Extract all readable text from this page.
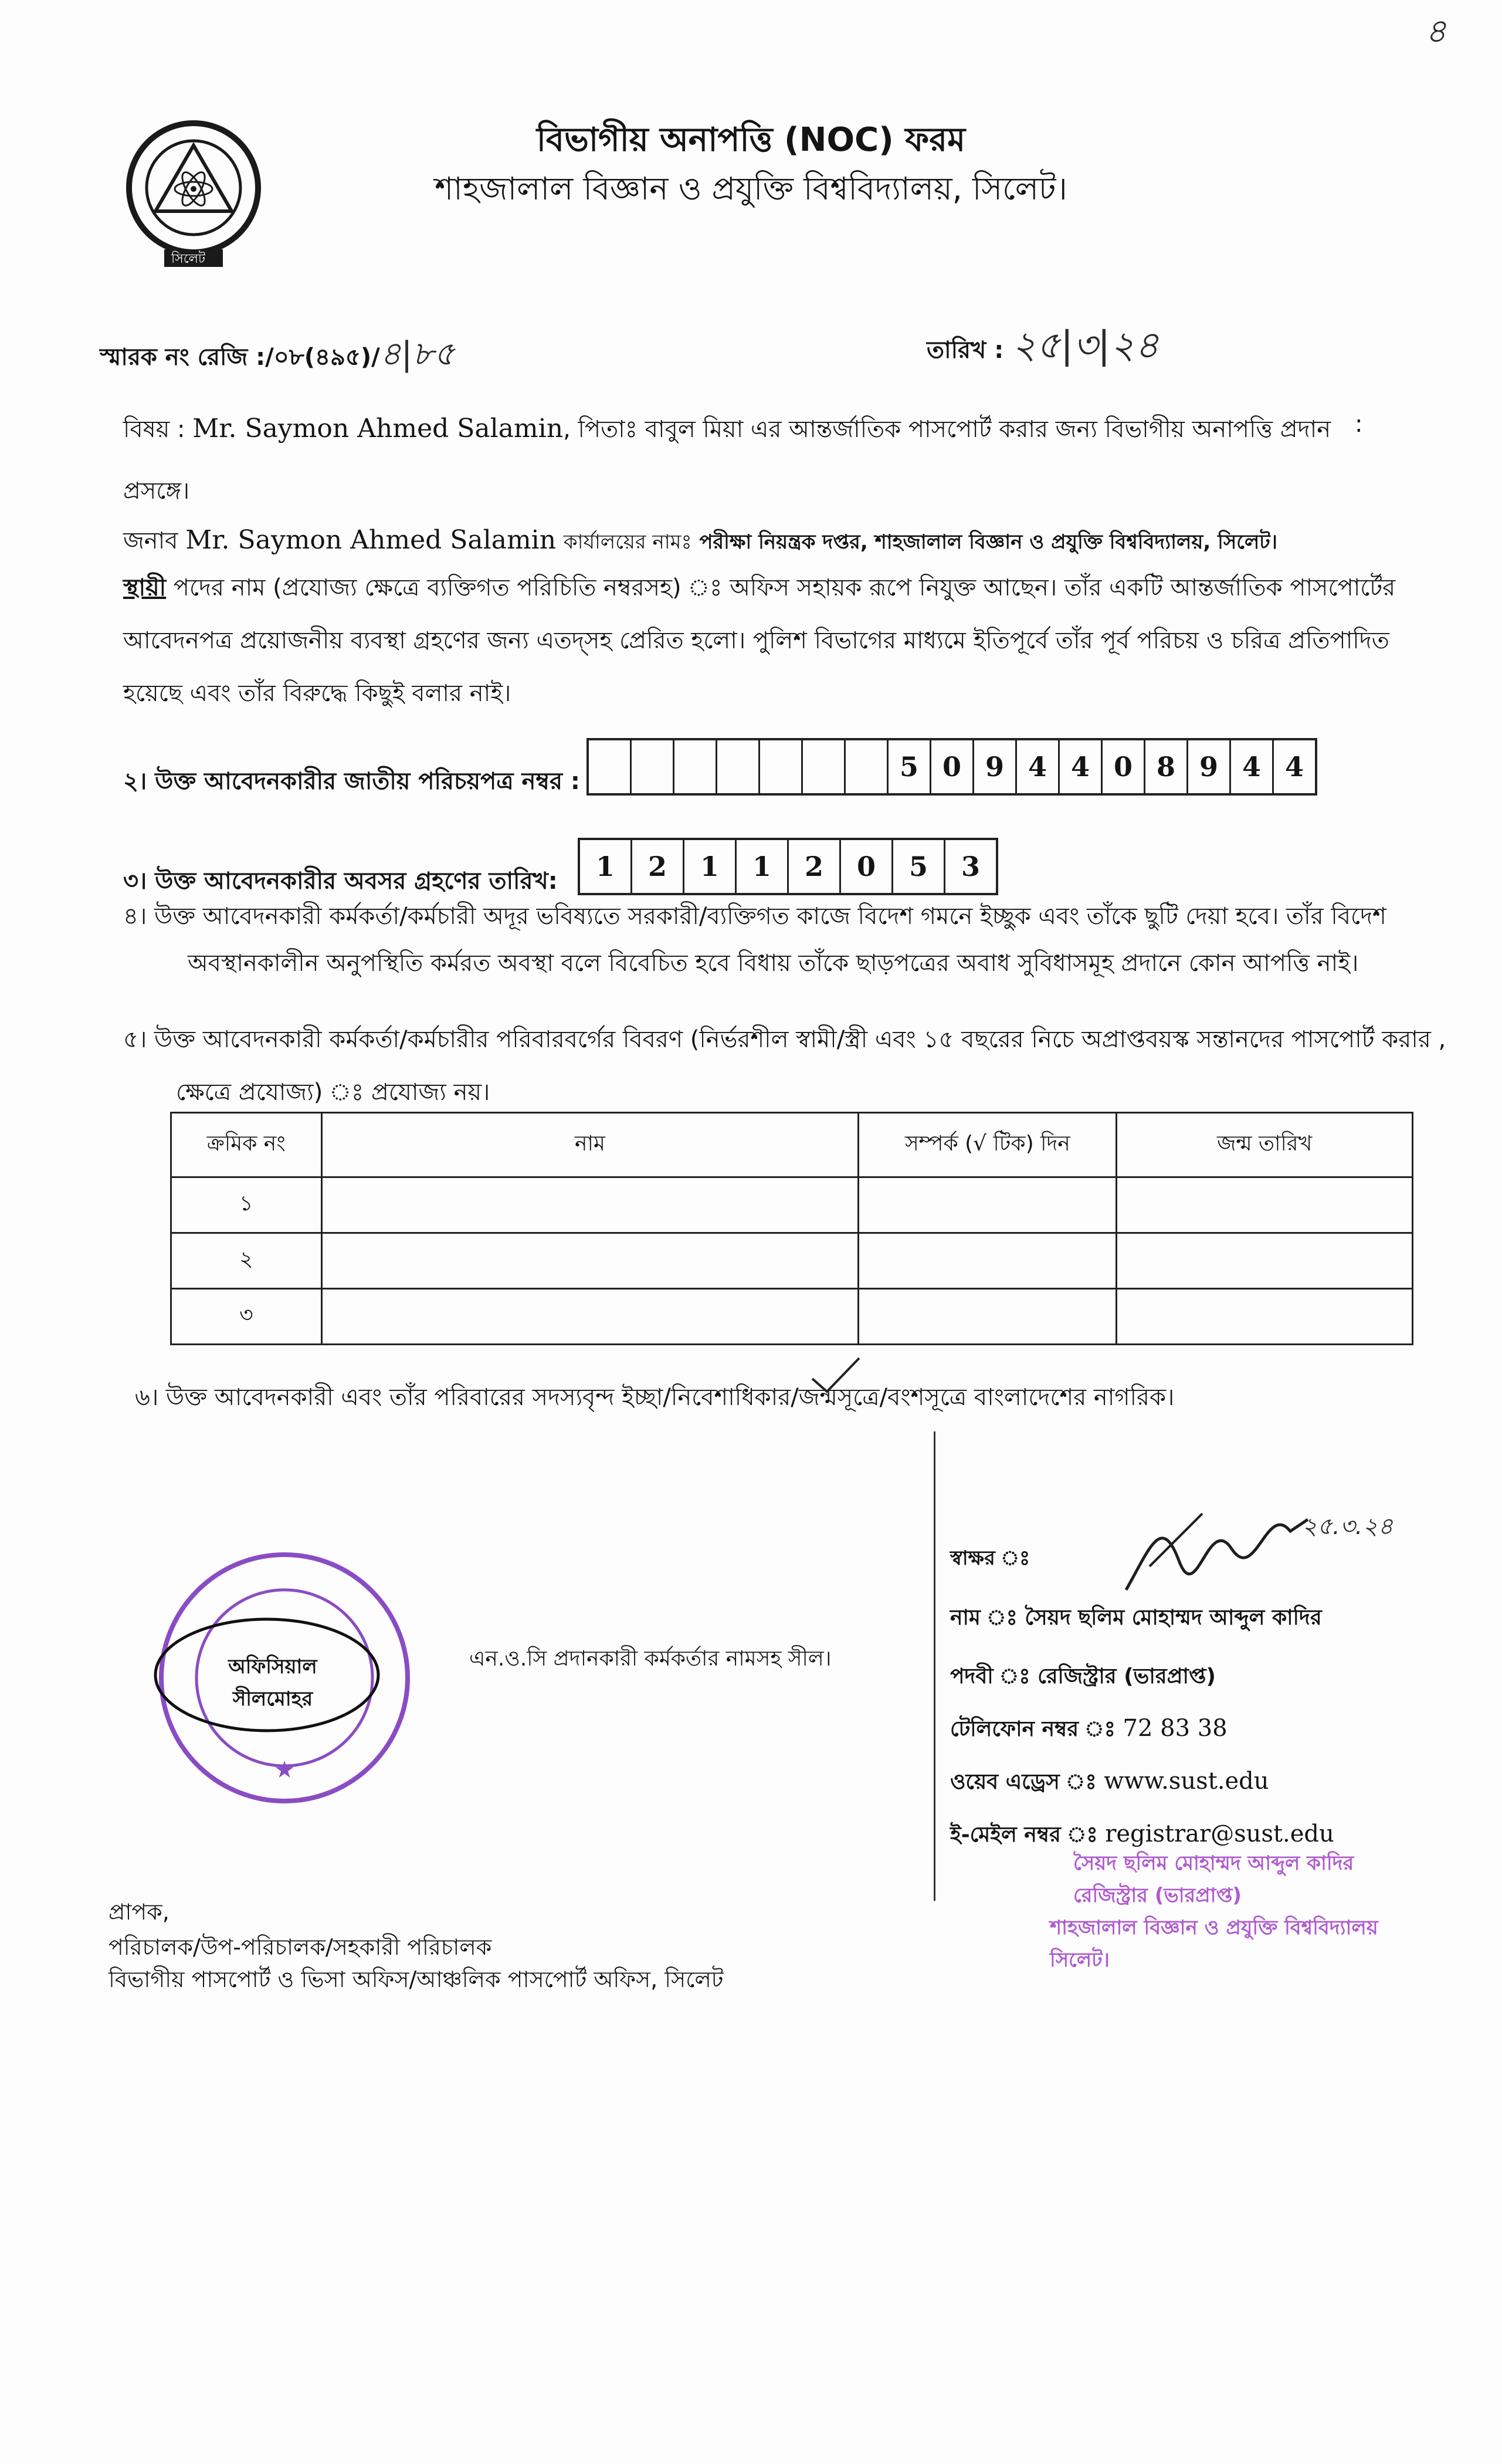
৪
সিলেট
বিভাগীয় অনাপত্তি (NOC) ফরম
শাহজালাল বিজ্ঞান ও প্রযুক্তি বিশ্ববিদ্যালয়, সিলেট।
স্মারক নং রেজি :/০৮(৪৯৫)/৪|৮৫	তারিখ : ২৫|৩|২৪
বিষয় : Mr. Saymon Ahmed Salamin, পিতাঃ বাবুল মিয়া এর আন্তর্জাতিক পাসপোর্ট করার জন্য বিভাগীয় অনাপত্তি প্রদান :
প্রসঙ্গে।
জনাব Mr. Saymon Ahmed Salamin কার্যালয়ের নামঃ পরীক্ষা নিয়ন্ত্রক দপ্তর, শাহজালাল বিজ্ঞান ও প্রযুক্তি বিশ্ববিদ্যালয়, সিলেট।
স্থায়ী পদের নাম (প্রযোজ্য ক্ষেত্রে ব্যক্তিগত পরিচিতি নম্বরসহ) ঃ অফিস সহায়ক রূপে নিযুক্ত আছেন। তাঁর একটি আন্তর্জাতিক পাসপোর্টের
আবেদনপত্র প্রয়োজনীয় ব্যবস্থা গ্রহণের জন্য এতদ্সহ প্রেরিত হলো। পুলিশ বিভাগের মাধ্যমে ইতিপূর্বে তাঁর পূর্ব পরিচয় ও চরিত্র প্রতিপাদিত
হয়েছে এবং তাঁর বিরুদ্ধে কিছুই বলার নাই।
২। উক্ত আবেদনকারীর জাতীয় পরিচয়পত্র নম্বর :	5 0 9 4 4 0 8 9 4 4
৩। উক্ত আবেদনকারীর অবসর গ্রহণের তারিখ:	1	2	1	1	2	0	5	3
৪। উক্ত আবেদনকারী কর্মকর্তা/কর্মচারী অদূর ভবিষ্যতে সরকারী/ব্যক্তিগত কাজে বিদেশ গমনে ইচ্ছুক এবং তাঁকে ছুটি দেয়া হবে। তাঁর বিদেশ
অবস্থানকালীন অনুপস্থিতি কর্মরত অবস্থা বলে বিবেচিত হবে বিধায় তাঁকে ছাড়পত্রের অবাধ সুবিধাসমূহ প্রদানে কোন আপত্তি নাই।
৫। উক্ত আবেদনকারী কর্মকর্তা/কর্মচারীর পরিবারবর্গের বিবরণ (নির্ভরশীল স্বামী/স্ত্রী এবং ১৫ বছরের নিচে অপ্রাপ্তবয়স্ক সন্তানদের পাসপোর্ট করার ,
ক্ষেত্রে প্রযোজ্য) ঃ প্রযোজ্য নয়।
ক্রমিক নং	নাম	সম্পর্ক (√ টিক) দিন	জন্ম তারিখ
১			
২			
৩			
৬। উক্ত আবেদনকারী এবং তাঁর পরিবারের সদস্যবৃন্দ ইচ্ছা/নিবেশাধিকার/জন্মসূত্রে/বংশসূত্রে বাংলাদেশের নাগরিক।
★
অফিসিয়াল
সীলমোহর
এন.ও.সি প্রদানকারী কর্মকর্তার নামসহ সীল।
স্বাক্ষর ঃ
২৫.৩.২৪
নাম ঃ সৈয়দ ছলিম মোহাম্মদ আব্দুল কাদির
পদবী ঃ রেজিস্ট্রার (ভারপ্রাপ্ত)
টেলিফোন নম্বর ঃ 72 83 38
ওয়েব এড্রেস ঃ www.sust.edu
ই-মেইল নম্বর ঃ registrar@sust.edu
সৈয়দ ছলিম মোহাম্মদ আব্দুল কাদির
রেজিস্ট্রার (ভারপ্রাপ্ত)
শাহজালাল বিজ্ঞান ও প্রযুক্তি বিশ্ববিদ্যালয়
সিলেট।
প্রাপক,
পরিচালক/উপ-পরিচালক/সহকারী পরিচালক
বিভাগীয় পাসপোর্ট ও ভিসা অফিস/আঞ্চলিক পাসপোর্ট অফিস, সিলেট
